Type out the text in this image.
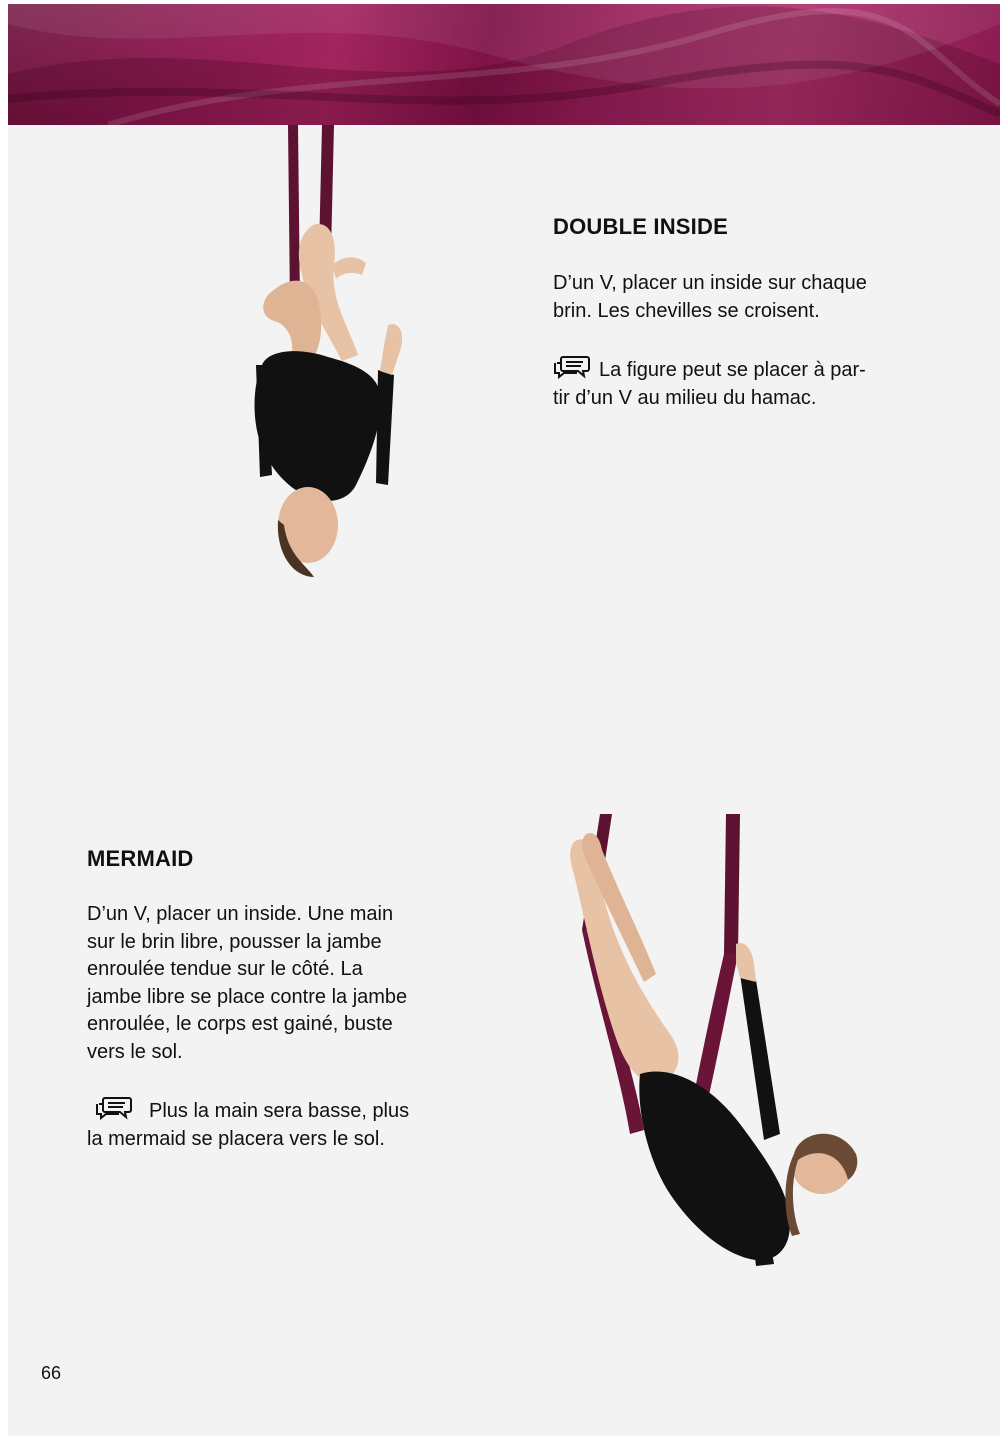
DOUBLE INSIDE

D’un V, placer un inside sur chaque
brin. Les chevilles se croisent.

La figure peut se placer à par-
tir d’un V au milieu du hamac.

MERMAID

D’un V, placer un inside. Une main
sur le brin libre, pousser la jambe
enroulée tendue sur le côté. La
jambe libre se place contre la jambe
enroulée, le corps est gainé, buste
vers le sol.

Plus la main sera basse, plus
la mermaid se placera vers le sol.

66
